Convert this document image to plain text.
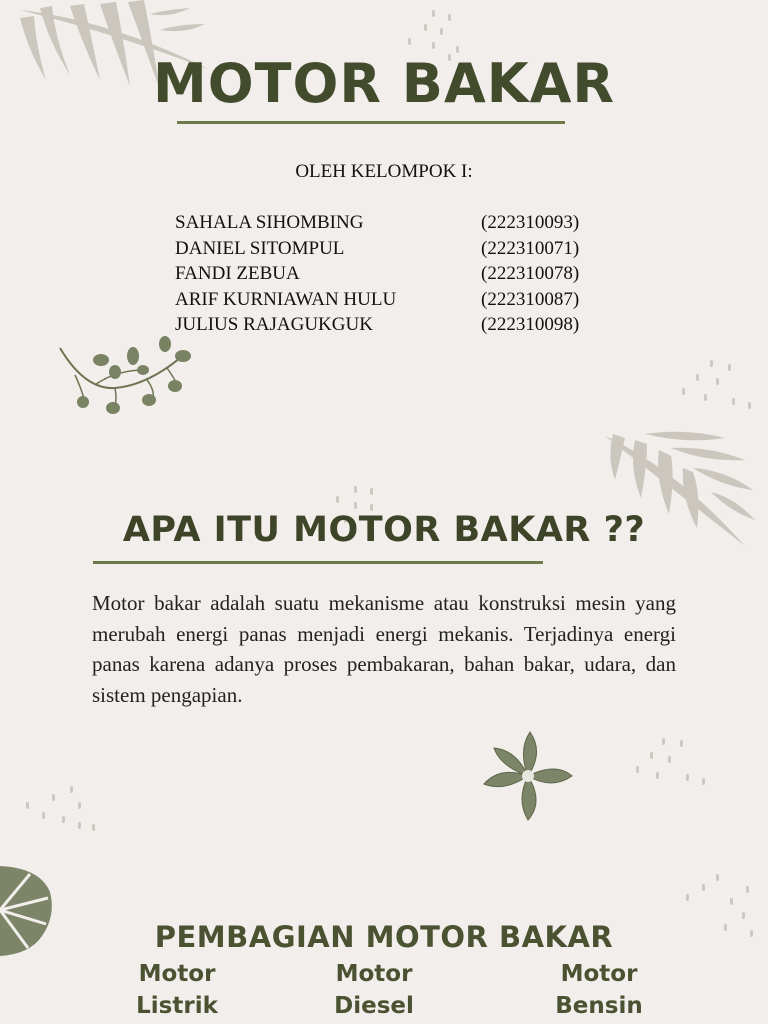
MOTOR BAKAR
OLEH KELOMPOK I:
SAHALA SIHOMBING	(222310093)
DANIEL SITOMPUL	(222310071)
FANDI ZEBUA	(222310078)
ARIF KURNIAWAN HULU	(222310087)
JULIUS RAJAGUKGUK	(222310098)
APA ITU MOTOR BAKAR ??
Motor bakar adalah suatu mekanisme atau konstruksi mesin yang merubah energi panas menjadi energi mekanis. Terjadinya energi panas karena adanya proses pembakaran, bahan bakar, udara, dan sistem pengapian.
PEMBAGIAN MOTOR BAKAR
Motor
Listrik
Motor
Diesel
Motor
Bensin
